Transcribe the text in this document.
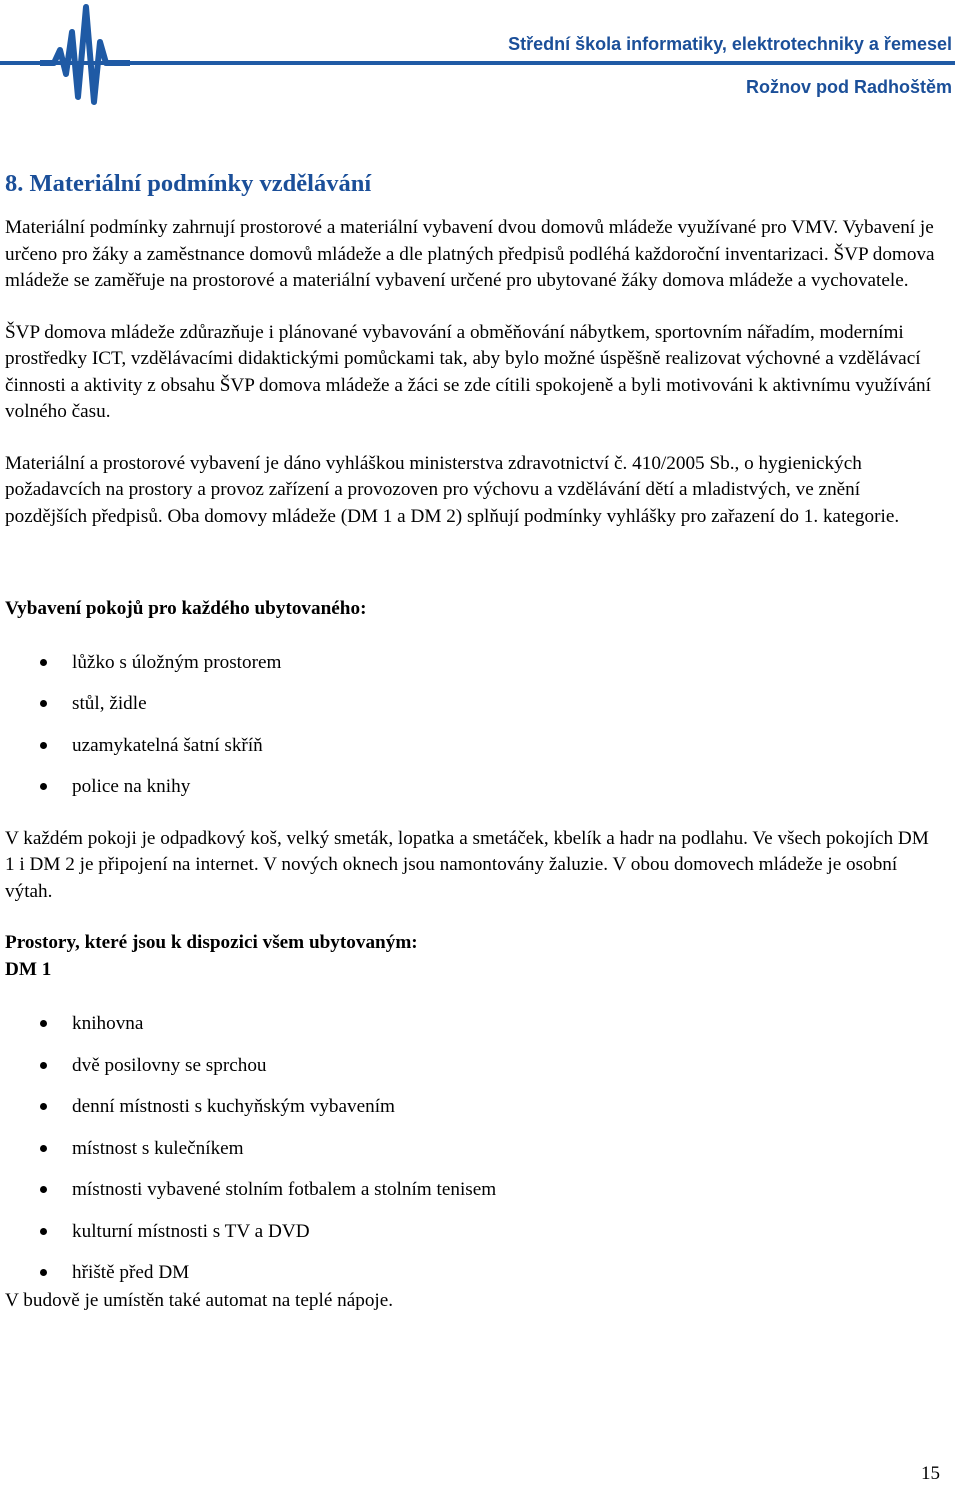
Střední škola informatiky, elektrotechniky a řemesel
Rožnov pod Radhoštěm
8. Materiální podmínky vzdělávání

Materiální podmínky zahrnují prostorové a materiální vybavení dvou domovů mládeže využívané pro VMV. Vybavení je určeno pro žáky a zaměstnance domovů mládeže a dle platných předpisů podléhá každoroční inventarizaci. ŠVP domova mládeže se zaměřuje na prostorové a materiální vybavení určené pro ubytované žáky domova mládeže a vychovatele.

ŠVP domova mládeže zdůrazňuje i plánované vybavování a obměňování nábytkem, sportovním nářadím, moderními prostředky ICT, vzdělávacími didaktickými pomůckami tak, aby bylo možné úspěšně realizovat výchovné a vzdělávací činnosti a aktivity z obsahu ŠVP domova mládeže a žáci se zde cítili spokojeně a byli motivováni k aktivnímu využívání volného času.

Materiální a prostorové vybavení je dáno vyhláškou ministerstva zdravotnictví č. 410/2005 Sb., o hygienických požadavcích na prostory a provoz zařízení a provozoven pro výchovu a vzdělávání dětí a mladistvých, ve znění pozdějších předpisů. Oba domovy mládeže (DM 1 a DM 2) splňují podmínky vyhlášky pro zařazení do 1. kategorie.

Vybavení pokojů pro každého ubytovaného:

lůžko s úložným prostorem
stůl, židle
uzamykatelná šatní skříň
police na knihy

V každém pokoji je odpadkový koš, velký smeták, lopatka a smetáček, kbelík a hadr na podlahu. Ve všech pokojích DM 1 i DM 2 je připojení na internet. V nových oknech jsou namontovány žaluzie. V obou domovech mládeže je osobní výtah.

Prostory, které jsou k dispozici všem ubytovaným:

DM 1

knihovna
dvě posilovny se sprchou
denní místnosti s kuchyňským vybavením
místnost s kulečníkem
místnosti vybavené stolním fotbalem a stolním tenisem
kulturní místnosti s TV a DVD
hřiště před DM

V budově je umístěn také automat na teplé nápoje.

15
